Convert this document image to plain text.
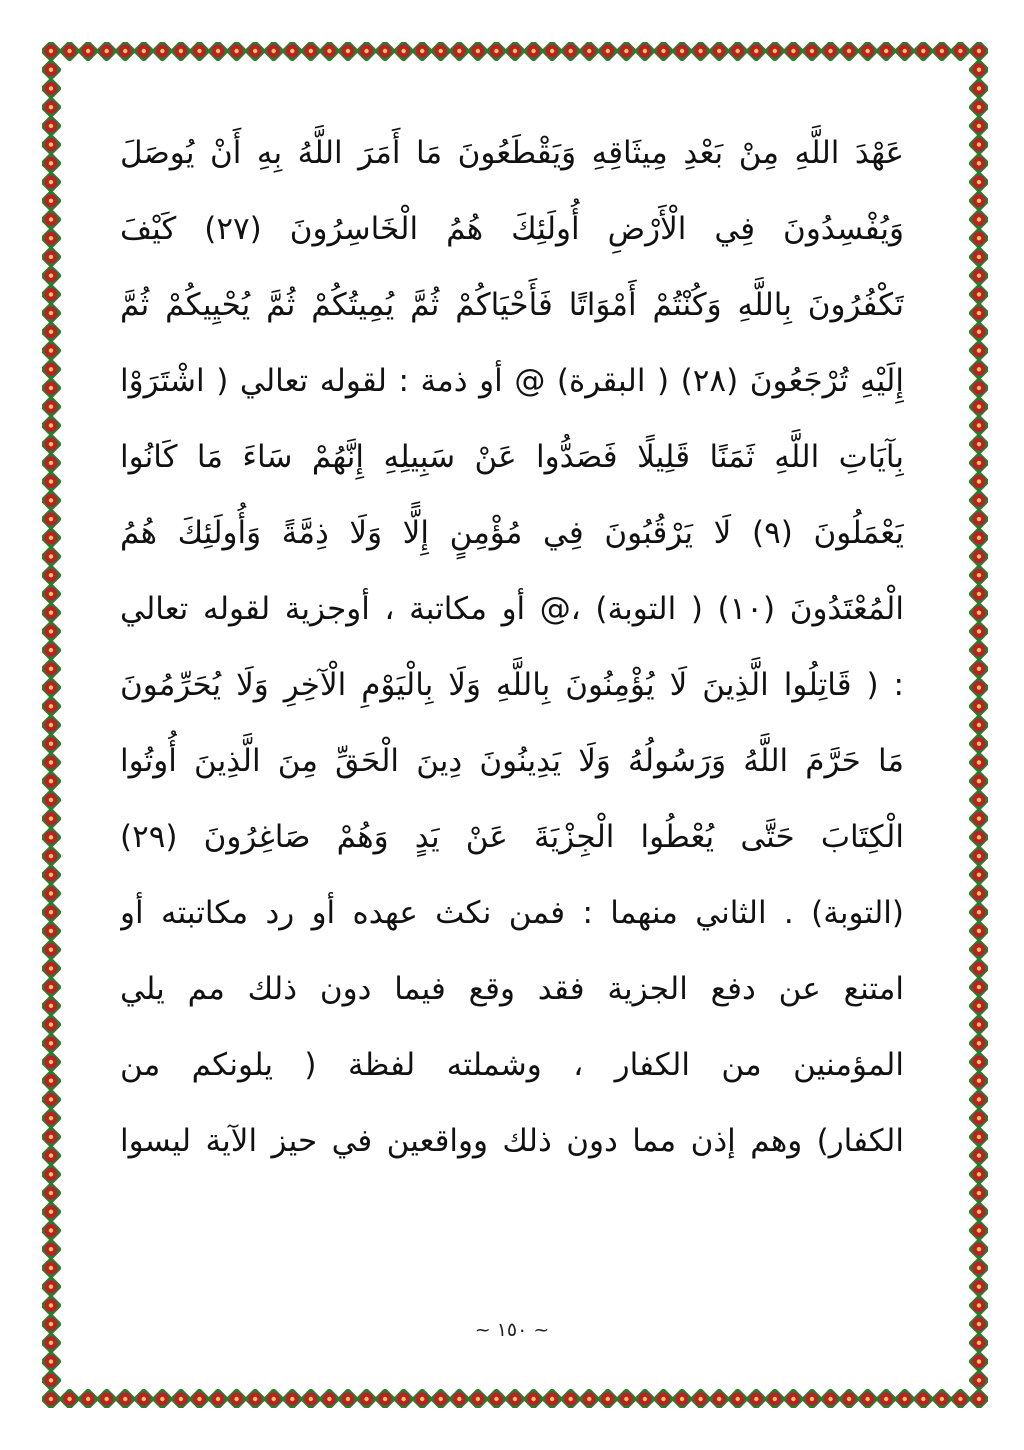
عَهْدَ اللَّهِ مِنْ بَعْدِ مِيثَاقِهِ وَيَقْطَعُونَ مَا أَمَرَ اللَّهُ بِهِ أَنْ يُوصَلَ
وَيُفْسِدُونَ فِي الْأَرْضِ أُولَئِكَ هُمُ الْخَاسِرُونَ (٢٧) كَيْفَ
تَكْفُرُونَ بِاللَّهِ وَكُنْتُمْ أَمْوَاتًا فَأَحْيَاكُمْ ثُمَّ يُمِيتُكُمْ ثُمَّ يُحْيِيكُمْ ثُمَّ
إِلَيْهِ تُرْجَعُونَ (٢٨) ( البقرة) @ أو ذمة : لقوله تعالي ( اشْتَرَوْا
بِآيَاتِ اللَّهِ ثَمَنًا قَلِيلًا فَصَدُّوا عَنْ سَبِيلِهِ إِنَّهُمْ سَاءَ مَا كَانُوا
يَعْمَلُونَ (٩) لَا يَرْقُبُونَ فِي مُؤْمِنٍ إِلًّا وَلَا ذِمَّةً وَأُولَئِكَ هُمُ
الْمُعْتَدُونَ (١٠) ( التوبة) ،@ أو مكاتبة ، أوجزية لقوله تعالي
: ( قَاتِلُوا الَّذِينَ لَا يُؤْمِنُونَ بِاللَّهِ وَلَا بِالْيَوْمِ الْآخِرِ وَلَا يُحَرِّمُونَ
مَا حَرَّمَ اللَّهُ وَرَسُولُهُ وَلَا يَدِينُونَ دِينَ الْحَقِّ مِنَ الَّذِينَ أُوتُوا
الْكِتَابَ حَتَّى يُعْطُوا الْجِزْيَةَ عَنْ يَدٍ وَهُمْ صَاغِرُونَ (٢٩)
(التوبة) . الثاني منهما : فمن نكث عهده أو رد مكاتبته أو
امتنع عن دفع الجزية فقد وقع فيما دون ذلك مم يلي
المؤمنين من الكفار ، وشملته لفظة ( يلونكم من
الكفار) وهم إذن مما دون ذلك وواقعين في حيز الآية ليسوا
~ ١٥٠ ~
